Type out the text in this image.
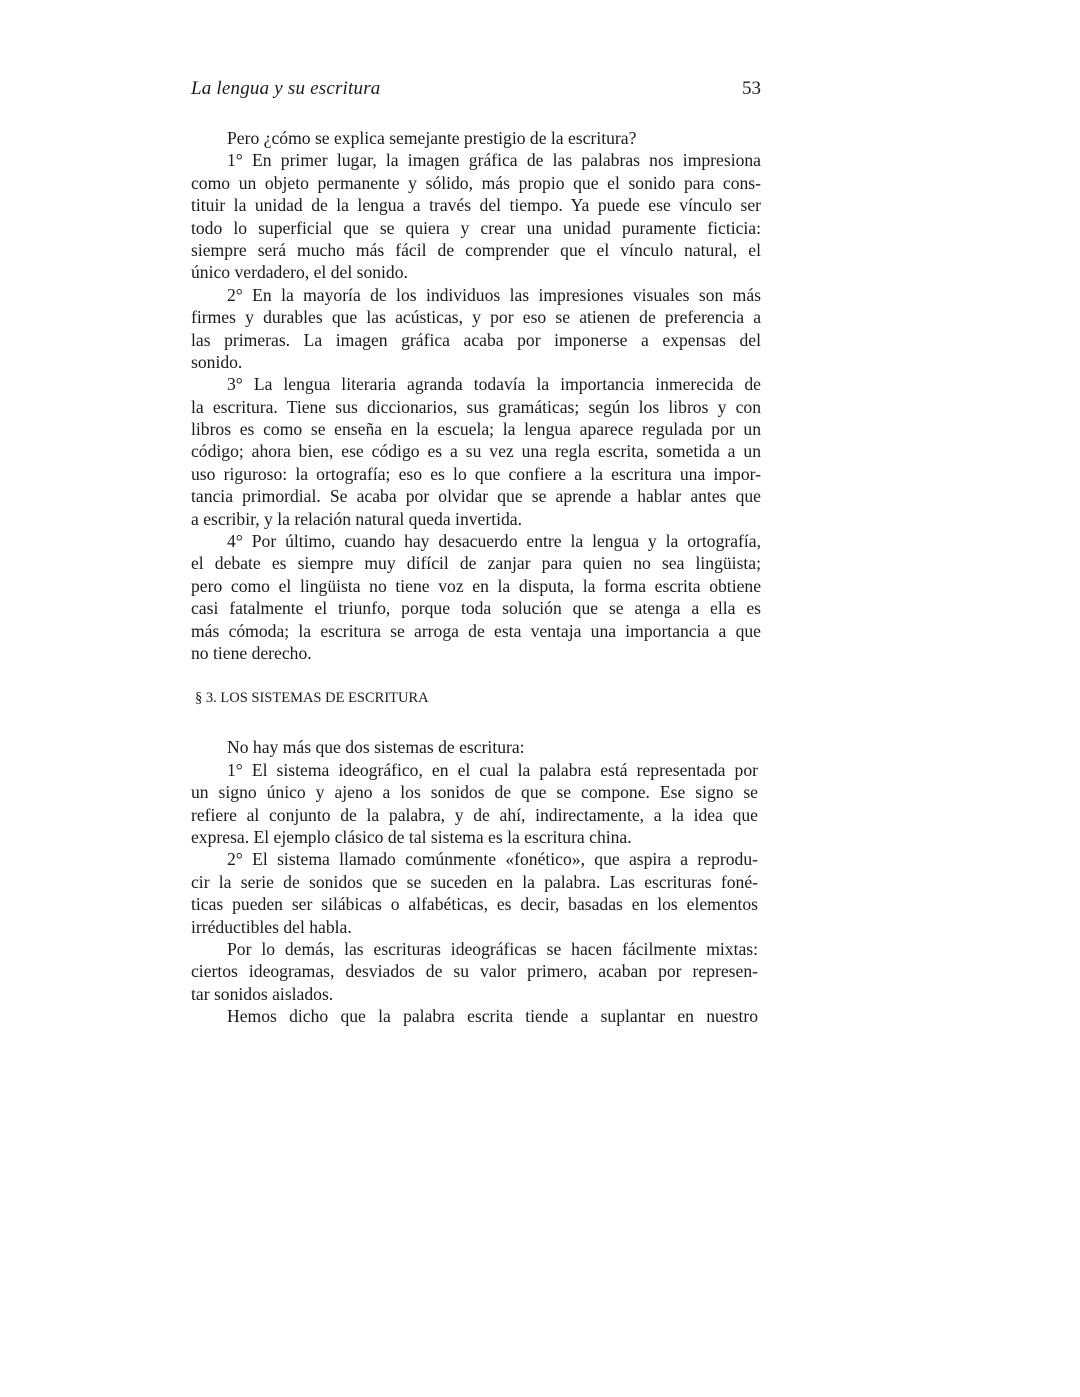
La lengua y su escritura	53
Pero ¿cómo se explica semejante prestigio de la escritura?
1° En primer lugar, la imagen gráfica de las palabras nos impresiona
como un objeto permanente y sólido, más propio que el sonido para cons-
tituir la unidad de la lengua a través del tiempo. Ya puede ese vínculo ser
todo lo superficial que se quiera y crear una unidad puramente ficticia:
siempre será mucho más fácil de comprender que el vínculo natural, el
único verdadero, el del sonido.
2° En la mayoría de los individuos las impresiones visuales son más
firmes y durables que las acústicas, y por eso se atienen de preferencia a
las primeras. La imagen gráfica acaba por imponerse a expensas del
sonido.
3° La lengua literaria agranda todavía la importancia inmerecida de
la escritura. Tiene sus diccionarios, sus gramáticas; según los libros y con
libros es como se enseña en la escuela; la lengua aparece regulada por un
código; ahora bien, ese código es a su vez una regla escrita, sometida a un
uso riguroso: la ortografía; eso es lo que confiere a la escritura una impor-
tancia primordial. Se acaba por olvidar que se aprende a hablar antes que
a escribir, y la relación natural queda invertida.
4° Por último, cuando hay desacuerdo entre la lengua y la ortografía,
el debate es siempre muy difícil de zanjar para quien no sea lingüista;
pero como el lingüista no tiene voz en la disputa, la forma escrita obtiene
casi fatalmente el triunfo, porque toda solución que se atenga a ella es
más cómoda; la escritura se arroga de esta ventaja una importancia a que
no tiene derecho.
§ 3. LOS SISTEMAS DE ESCRITURA
No hay más que dos sistemas de escritura:
1° El sistema ideográfico, en el cual la palabra está representada por
un signo único y ajeno a los sonidos de que se compone. Ese signo se
refiere al conjunto de la palabra, y de ahí, indirectamente, a la idea que
expresa. El ejemplo clásico de tal sistema es la escritura china.
2° El sistema llamado comúnmente «fonético», que aspira a reprodu-
cir la serie de sonidos que se suceden en la palabra. Las escrituras foné-
ticas pueden ser silábicas o alfabéticas, es decir, basadas en los elementos
irréductibles del habla.
Por lo demás, las escrituras ideográficas se hacen fácilmente mixtas:
ciertos ideogramas, desviados de su valor primero, acaban por represen-
tar sonidos aislados.
Hemos dicho que la palabra escrita tiende a suplantar en nuestro
